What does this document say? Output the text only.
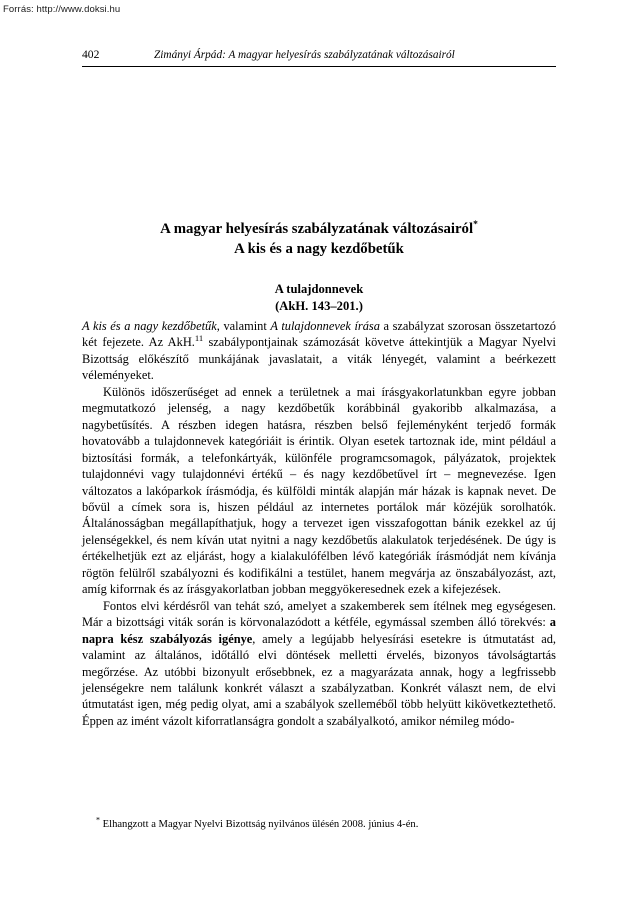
Forrás: http://www.doksi.hu
402	Zimányi Árpád: A magyar helyesírás szabályzatának változásairól
A magyar helyesírás szabályzatának változásairól*
A kis és a nagy kezdőbetűk
A tulajdonnevek
(AkH. 143–201.)

A kis és a nagy kezdőbetűk, valamint A tulajdonnevek írása a szabályzat szorosan összetartozó két fejezete. Az AkH.$^{11}$ szabálypontjainak számozását követve áttekintjük a Magyar Nyelvi Bizottság előkészítő munkájának javaslatait, a viták lényegét, valamint a beérkezett véleményeket.

Különös időszerűséget ad ennek a területnek a mai írásgyakorlatunkban egyre jobban megmutatkozó jelenség, a nagy kezdőbetűk korábbinál gyakoribb alkalmazása, a nagybetűsítés. A részben idegen hatásra, részben belső fejleményként terjedő formák hovatovább a tulajdonnevek kategóriáit is érintik. Olyan esetek tartoznak ide, mint például a biztosítási formák, a telefonkártyák, különféle programcsomagok, pályázatok, projektek tulajdonnévi vagy tulajdonnévi értékű – és nagy kezdőbetűvel írt – megnevezése. Igen változatos a lakóparkok írásmódja, és külföldi minták alapján már házak is kapnak nevet. De bővül a címek sora is, hiszen például az internetes portálok már közéjük sorolhatók. Általánosságban megállapíthatjuk, hogy a tervezet igen visszafogottan bánik ezekkel az új jelenségekkel, és nem kíván utat nyitni a nagy kezdőbetűs alakulatok terjedésének. De úgy is értékelhetjük ezt az eljárást, hogy a kialakulófélben lévő kategóriák írásmódját nem kívánja rögtön felülről szabályozni és kodifikálni a testület, hanem megvárja az önszabályozást, azt, amíg kiforrnak és az írásgyakorlatban jobban meggyökeresednek ezek a kifejezések.

Fontos elvi kérdésről van tehát szó, amelyet a szakemberek sem ítélnek meg egységesen. Már a bizottsági viták során is körvonalazódott a kétféle, egymással szemben álló törekvés: a napra kész szabályozás igénye, amely a legújabb helyesírási esetekre is útmutatást ad, valamint az általános, időtálló elvi döntések melletti érvelés, bizonyos távolságtartás megőrzése. Az utóbbi bizonyult erősebbnek, ez a magyarázata annak, hogy a legfrissebb jelenségekre nem találunk konkrét választ a szabályzatban. Konkrét választ nem, de elvi útmutatást igen, még pedig olyat, ami a szabályok szelleméből több helyütt kikövetkeztethető. Éppen az imént vázolt kiforratlanságra gondolt a szabályalkotó, amikor némileg módo-

* Elhangzott a Magyar Nyelvi Bizottság nyilvános ülésén 2008. június 4-én.
